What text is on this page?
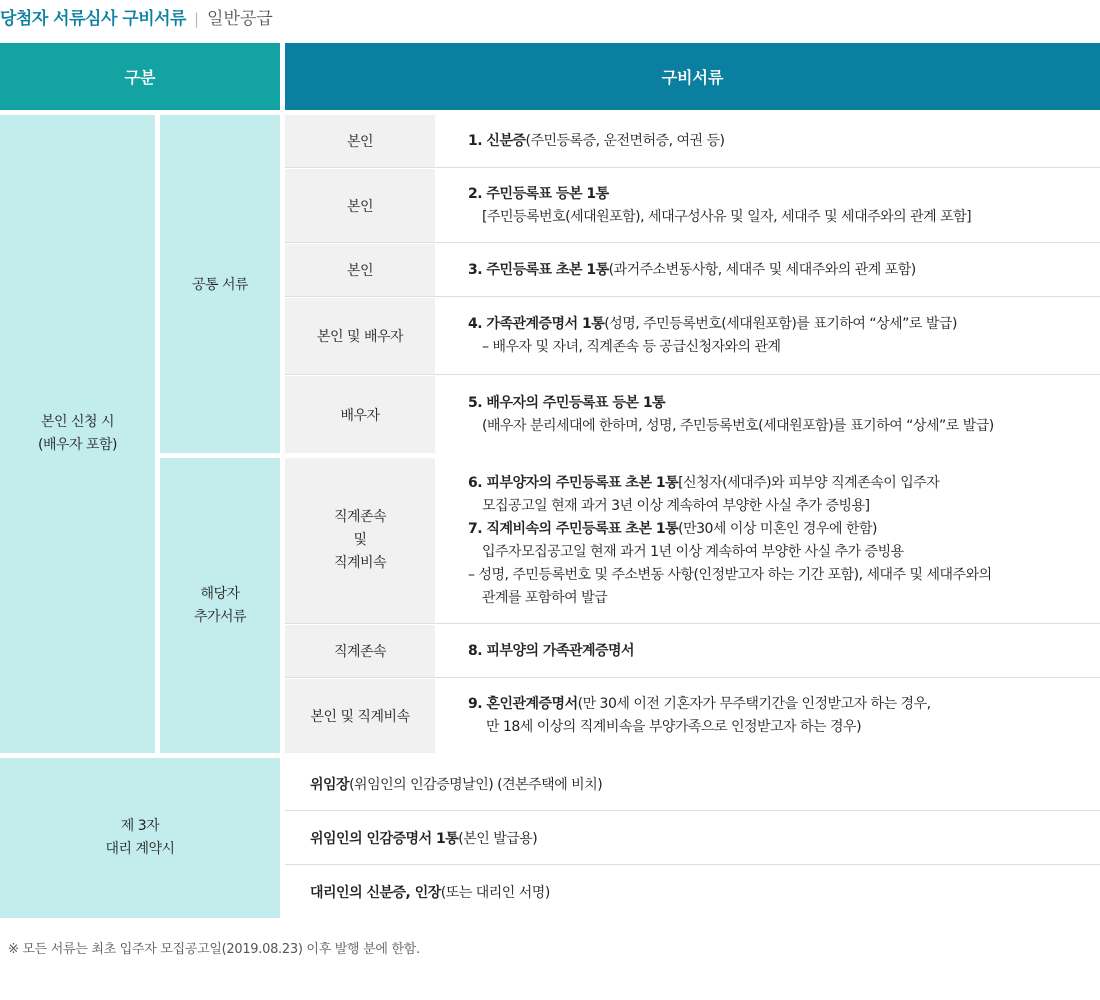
당첨자 서류심사 구비서류 | 일반공급
구분	구비서류
본인 신청 시
(배우자 포함)
공통 서류
해당자
추가서류
제 3자
대리 계약시
본인
본인
본인
본인 및 배우자
배우자
직계존속
및
직계비속
직계존속
본인 및 직계비속
1. 신분증(주민등록증, 운전면허증, 여권 등)
2. 주민등록표 등본 1통
[주민등록번호(세대원포함), 세대구성사유 및 일자, 세대주 및 세대주와의 관계 포함]
3. 주민등록표 초본 1통(과거주소변동사항, 세대주 및 세대주와의 관계 포함)
4. 가족관계증명서 1통(성명, 주민등록번호(세대원포함)를 표기하여 “상세”로 발급)
– 배우자 및 자녀, 직계존속 등 공급신청자와의 관계
5. 배우자의 주민등록표 등본 1통
(배우자 분리세대에 한하며, 성명, 주민등록번호(세대원포함)를 표기하여 “상세”로 발급)
6. 피부양자의 주민등록표 초본 1통[신청자(세대주)와 피부양 직계존속이 입주자
모집공고일 현재 과거 3년 이상 계속하여 부양한 사실 추가 증빙용]
7. 직계비속의 주민등록표 초본 1통(만30세 이상 미혼인 경우에 한함)
입주자모집공고일 현재 과거 1년 이상 계속하여 부양한 사실 추가 증빙용
– 성명, 주민등록번호 및 주소변동 사항(인정받고자 하는 기간 포함), 세대주 및 세대주와의
관계를 포함하여 발급
8. 피부양의 가족관계증명서
9. 혼인관계증명서(만 30세 이전 기혼자가 무주택기간을 인정받고자 하는 경우,
만 18세 이상의 직계비속을 부양가족으로 인정받고자 하는 경우)
위임장 (위임인의 인감증명날인) (견본주택에 비치)
위임인의 인감증명서 1통 (본인 발급용)
대리인의 신분증, 인장 (또는 대리인 서명)
※ 모든 서류는 최초 입주자 모집공고일(2019.08.23) 이후 발행 분에 한함.
